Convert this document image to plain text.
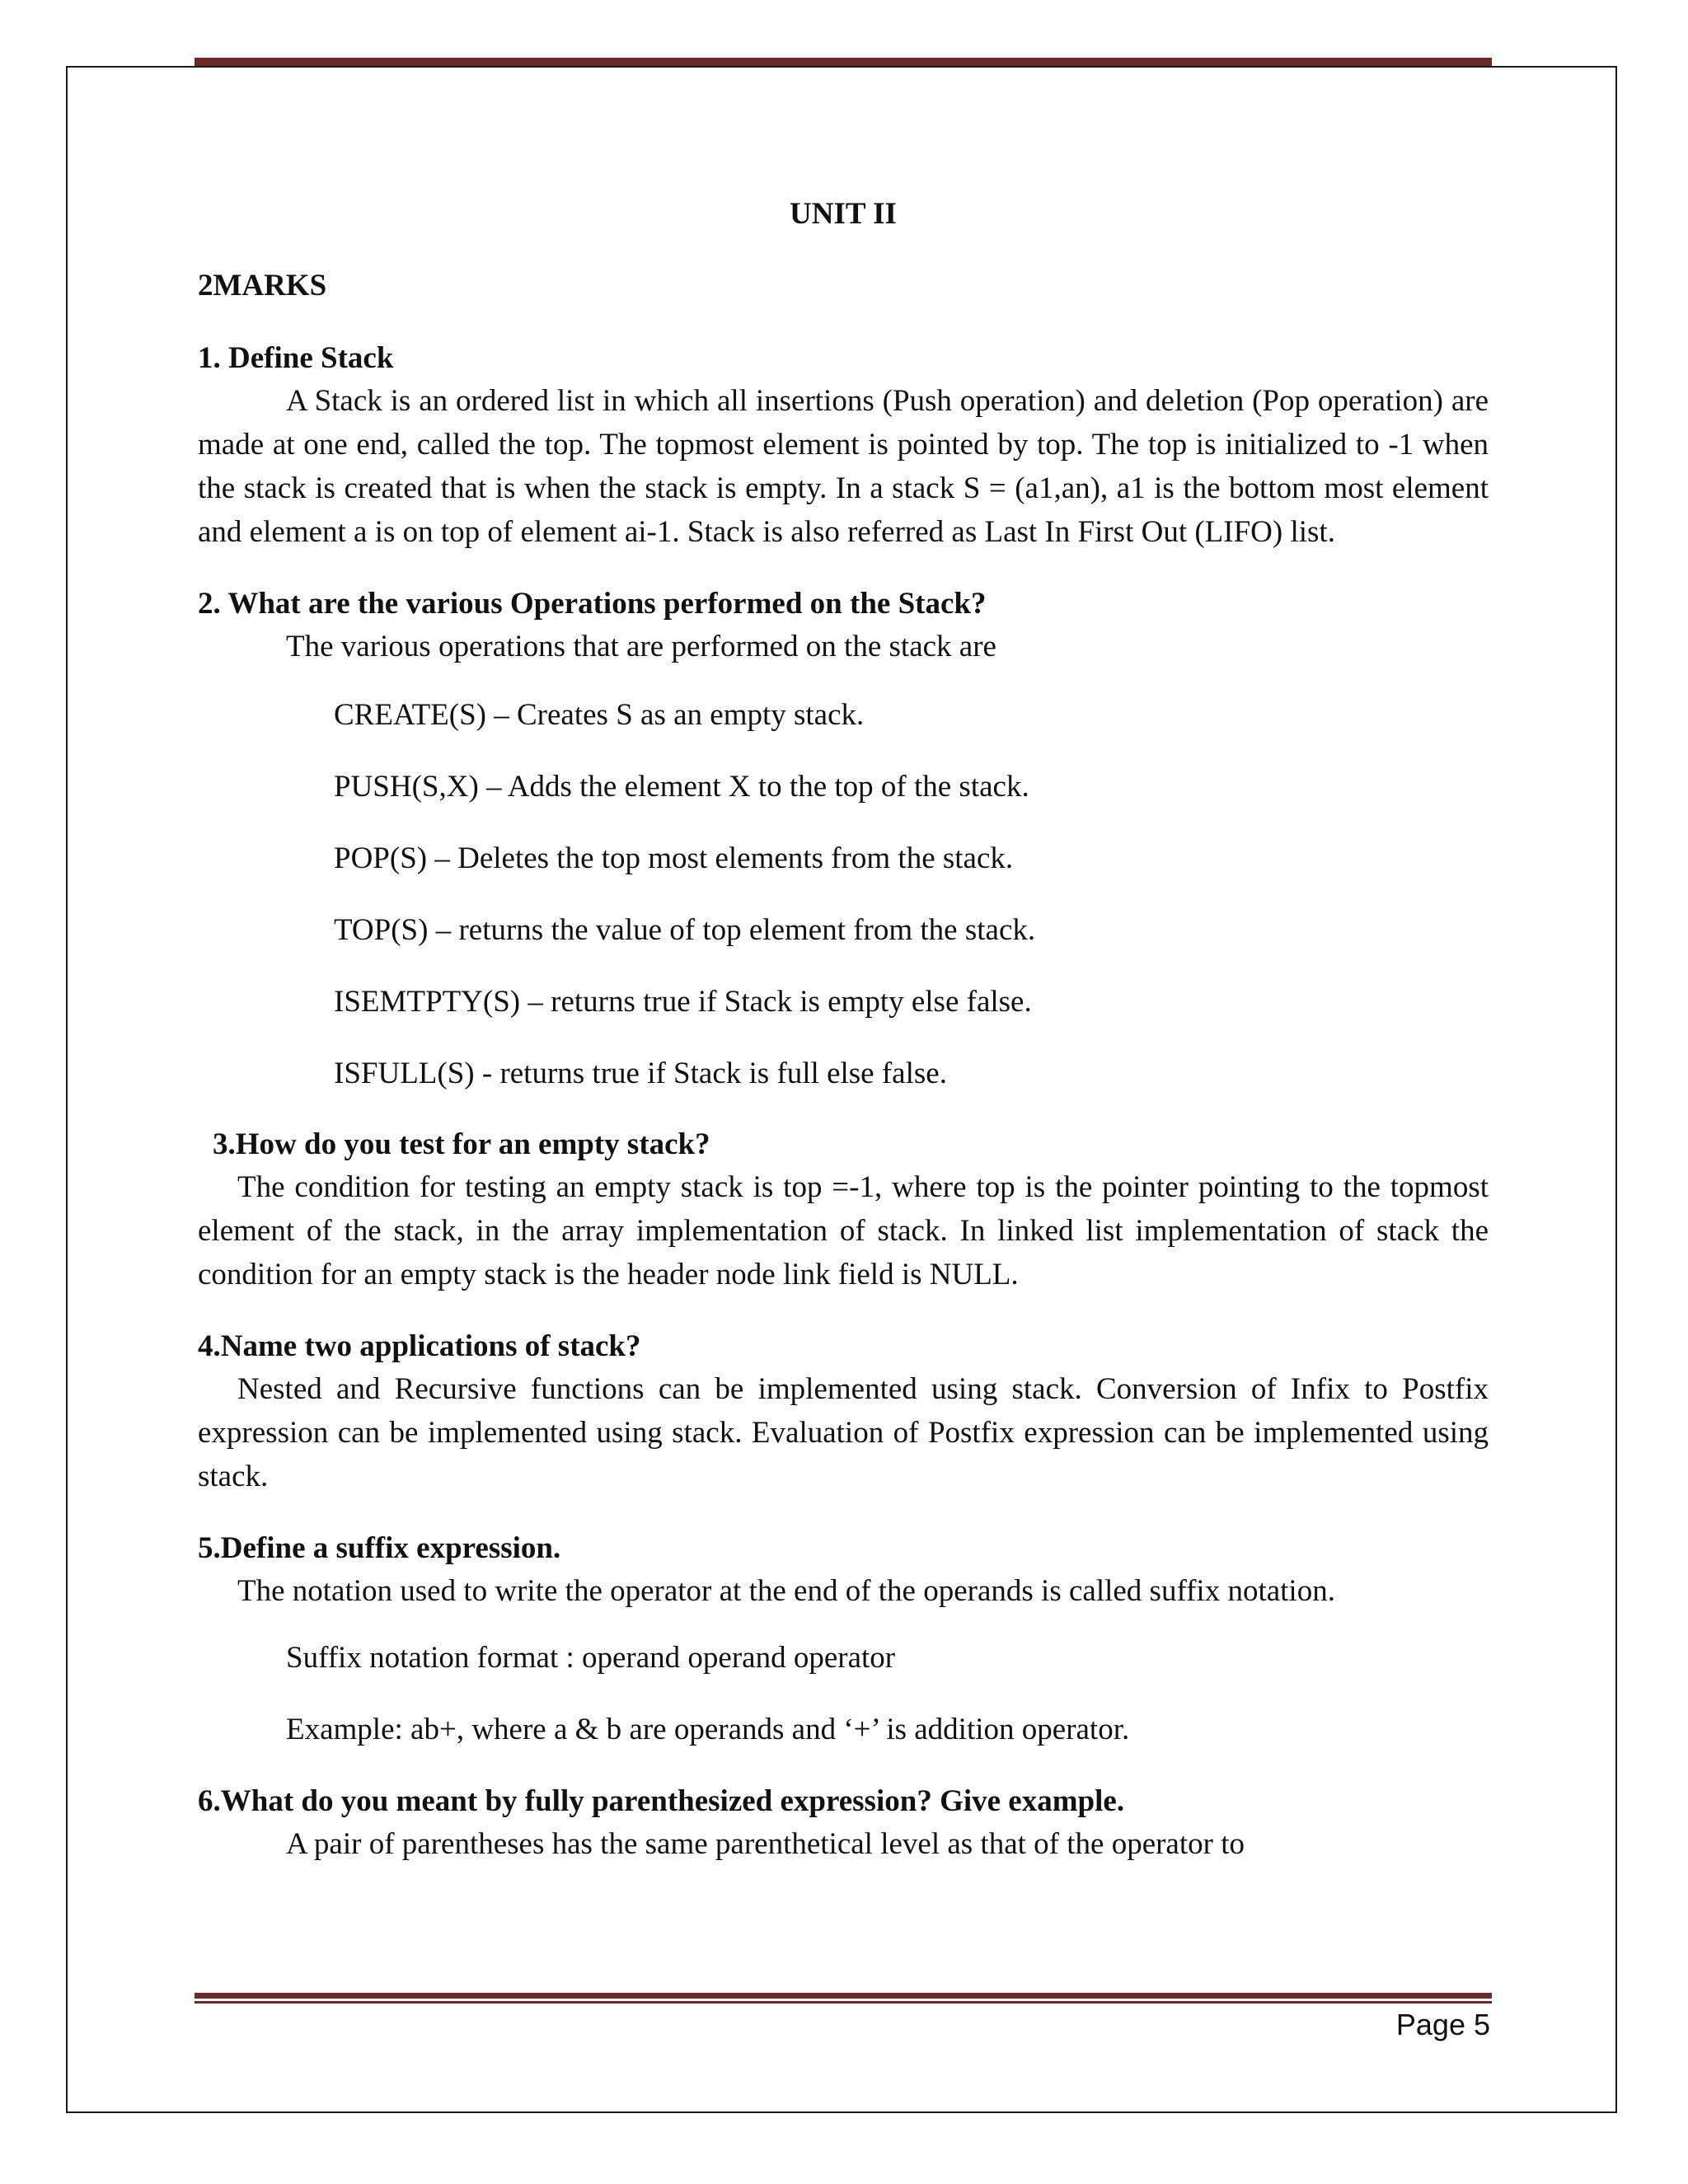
UNIT II
2MARKS
1. Define Stack

A Stack is an ordered list in which all insertions (Push operation) and deletion (Pop operation) are made at one end, called the top. The topmost element is pointed by top. The top is initialized to -1 when the stack is created that is when the stack is empty. In a stack S = (a1,an), a1 is the bottom most element and element a is on top of element ai-1. Stack is also referred as Last In First Out (LIFO) list.

2. What are the various Operations performed on the Stack?

The various operations that are performed on the stack are

CREATE(S) – Creates S as an empty stack.
PUSH(S,X) – Adds the element X to the top of the stack.
POP(S) – Deletes the top most elements from the stack.
TOP(S) – returns the value of top element from the stack.
ISEMTPTY(S) – returns true if Stack is empty else false.
ISFULL(S) - returns true if Stack is full else false.
3.How do you test for an empty stack?

The condition for testing an empty stack is top =-1, where top is the pointer pointing to the topmost element of the stack, in the array implementation of stack. In linked list implementation of stack the condition for an empty stack is the header node link field is NULL.

4.Name two applications of stack?

Nested and Recursive functions can be implemented using stack. Conversion of Infix to Postfix expression can be implemented using stack. Evaluation of Postfix expression can be implemented using stack.

5.Define a suffix expression.

The notation used to write the operator at the end of the operands is called suffix notation.

Suffix notation format : operand operand operator
Example: ab+, where a & b are operands and ‘+’ is addition operator.
6.What do you meant by fully parenthesized expression? Give example.

A pair of parentheses has the same parenthetical level as that of the operator to

Page 5
